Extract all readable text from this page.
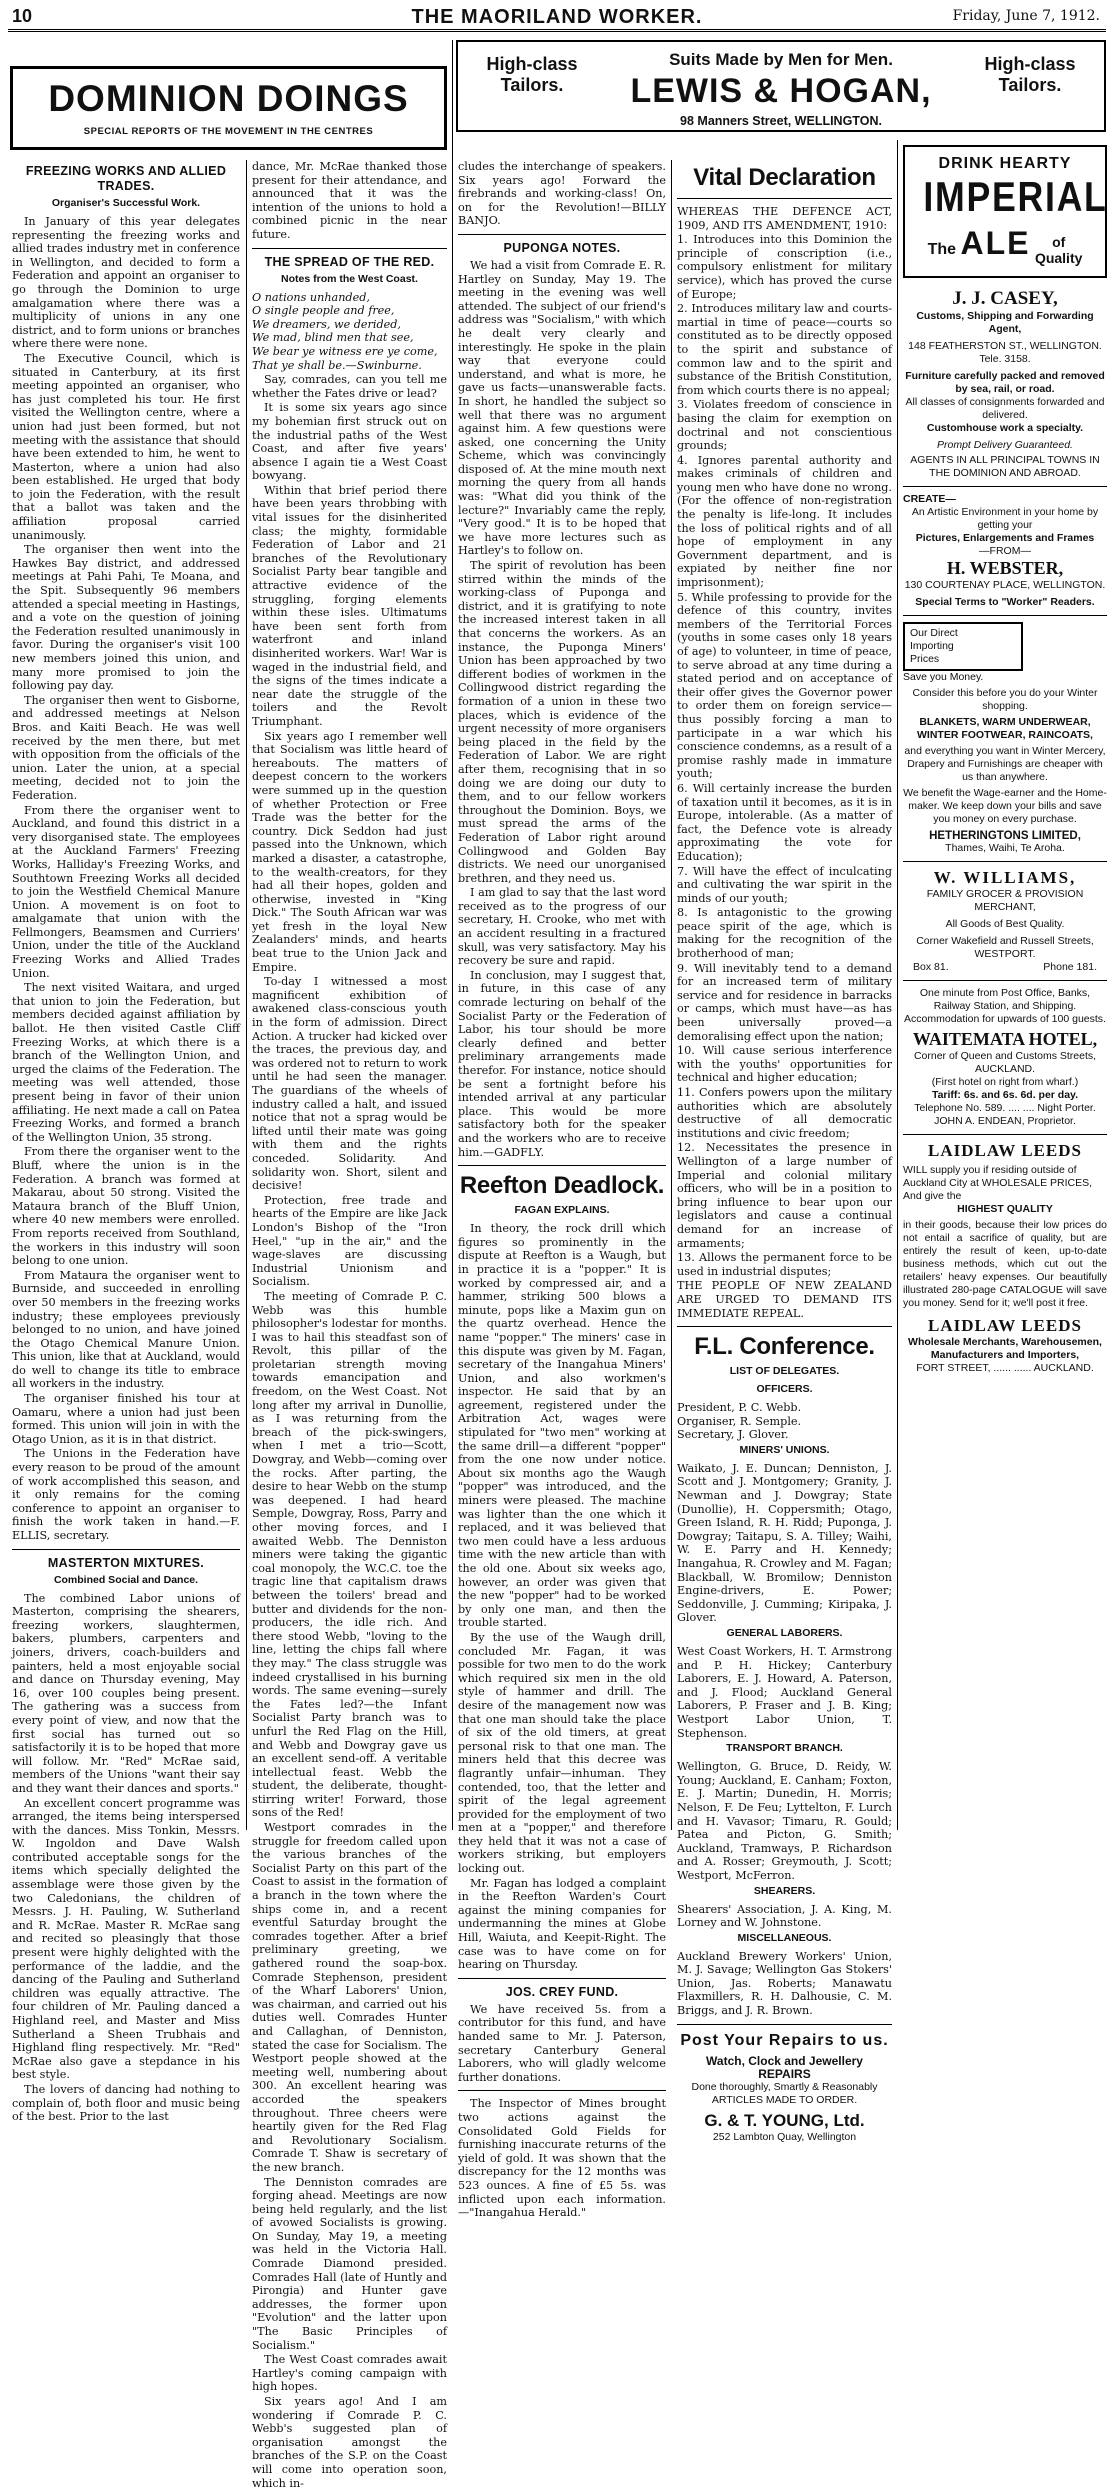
10	THE MAORILAND WORKER.	Friday, June 7, 1912.
DOMINION DOINGS
SPECIAL REPORTS OF THE MOVEMENT IN THE CENTRES
High-class
Tailors.
Suits Made by Men for Men.
LEWIS & HOGAN,
98 Manners Street, WELLINGTON.
High-class
Tailors.
FREEZING WORKS AND ALLIED TRADES.
Organiser's Successful Work.

In January of this year delegates representing the freezing works and allied trades industry met in conference in Wellington, and decided to form a Federation and appoint an organiser to go through the Dominion to urge amalgamation where there was a multiplicity of unions in any one district, and to form unions or branches where there were none.

The Executive Council, which is situated in Canterbury, at its first meeting appointed an organiser, who has just completed his tour. He first visited the Wellington centre, where a union had just been formed, but not meeting with the assistance that should have been extended to him, he went to Masterton, where a union had also been established. He urged that body to join the Federation, with the result that a ballot was taken and the affiliation proposal carried unanimously.

The organiser then went into the Hawkes Bay district, and addressed meetings at Pahi Pahi, Te Moana, and the Spit. Subsequently 96 members attended a special meeting in Hastings, and a vote on the question of joining the Federation resulted unanimously in favor. During the organiser's visit 100 new members joined this union, and many more promised to join the following pay day.

The organiser then went to Gisborne, and addressed meetings at Nelson Bros. and Kaiti Beach. He was well received by the men there, but met with opposition from the officials of the union. Later the union, at a special meeting, decided not to join the Federation.

From there the organiser went to Auckland, and found this district in a very disorganised state. The employees at the Auckland Farmers' Freezing Works, Halliday's Freezing Works, and Southtown Freezing Works all decided to join the Westfield Chemical Manure Union. A movement is on foot to amalgamate that union with the Fellmongers, Beamsmen and Curriers' Union, under the title of the Auckland Freezing Works and Allied Trades Union.

The next visited Waitara, and urged that union to join the Federation, but members decided against affiliation by ballot. He then visited Castle Cliff Freezing Works, at which there is a branch of the Wellington Union, and urged the claims of the Federation. The meeting was well attended, those present being in favor of their union affiliating. He next made a call on Patea Freezing Works, and formed a branch of the Wellington Union, 35 strong.

From there the organiser went to the Bluff, where the union is in the Federation. A branch was formed at Makarau, about 50 strong. Visited the Mataura branch of the Bluff Union, where 40 new members were enrolled. From reports received from Southland, the workers in this industry will soon belong to one union.

From Mataura the organiser went to Burnside, and succeeded in enrolling over 50 members in the freezing works industry; these employees previously belonged to no union, and have joined the Otago Chemical Manure Union. This union, like that at Auckland, would do well to change its title to embrace all workers in the industry.

The organiser finished his tour at Oamaru, where a union had just been formed. This union will join in with the Otago Union, as it is in that district.

The Unions in the Federation have every reason to be proud of the amount of work accomplished this season, and it only remains for the coming conference to appoint an organiser to finish the work taken in hand.—F. ELLIS, secretary.

MASTERTON MIXTURES.
Combined Social and Dance.

The combined Labor unions of Masterton, comprising the shearers, freezing workers, slaughtermen, bakers, plumbers, carpenters and joiners, drivers, coach-builders and painters, held a most enjoyable social and dance on Thursday evening, May 16, over 100 couples being present. The gathering was a success from every point of view, and now that the first social has turned out so satisfactorily it is to be hoped that more will follow. Mr. "Red" McRae said, members of the Unions "want their say and they want their dances and sports."

An excellent concert programme was arranged, the items being interspersed with the dances. Miss Tonkin, Messrs. W. Ingoldon and Dave Walsh contributed acceptable songs for the items which specially delighted the assemblage were those given by the two Caledonians, the children of Messrs. J. H. Pauling, W. Sutherland and R. McRae. Master R. McRae sang and recited so pleasingly that those present were highly delighted with the performance of the laddie, and the dancing of the Pauling and Sutherland children was equally attractive. The four children of Mr. Pauling danced a Highland reel, and Master and Miss Sutherland a Sheen Trubhais and Highland fling respectively. Mr. "Red" McRae also gave a stepdance in his best style.

The lovers of dancing had nothing to complain of, both floor and music being of the best. Prior to the last

dance, Mr. McRae thanked those present for their attendance, and announced that it was the intention of the unions to hold a combined picnic in the near future.

THE SPREAD OF THE RED.
Notes from the West Coast.

O nations unhanded,
O single people and free,
We dreamers, we derided,
We mad, blind men that see,
We bear ye witness ere ye come,
That ye shall be.—Swinburne.

Say, comrades, can you tell me whether the Fates drive or lead?

It is some six years ago since my bohemian first struck out on the industrial paths of the West Coast, and after five years' absence I again tie a West Coast bowyang.

Within that brief period there have been years throbbing with vital issues for the disinherited class; the mighty, formidable Federation of Labor and 21 branches of the Revolutionary Socialist Party bear tangible and attractive evidence of the struggling, forging elements within these isles. Ultimatums have been sent forth from waterfront and inland disinherited workers. War! War is waged in the industrial field, and the signs of the times indicate a near date the struggle of the toilers and the Revolt Triumphant.

Six years ago I remember well that Socialism was little heard of hereabouts. The matters of deepest concern to the workers were summed up in the question of whether Protection or Free Trade was the better for the country. Dick Seddon had just passed into the Unknown, which marked a disaster, a catastrophe, to the wealth-creators, for they had all their hopes, golden and otherwise, invested in "King Dick." The South African war was yet fresh in the loyal New Zealanders' minds, and hearts beat true to the Union Jack and Empire.

To-day I witnessed a most magnificent exhibition of awakened class-conscious youth in the form of admission. Direct Action. A trucker had kicked over the traces, the previous day, and was ordered not to return to work until he had seen the manager. The guardians of the wheels of industry called a halt, and issued notice that not a sprag would be lifted until their mate was going with them and the rights conceded. Solidarity. And solidarity won. Short, silent and decisive!

Protection, free trade and hearts of the Empire are like Jack London's Bishop of the "Iron Heel," "up in the air," and the wage-slaves are discussing Industrial Unionism and Socialism.

The meeting of Comrade P. C. Webb was this humble philosopher's lodestar for months. I was to hail this steadfast son of Revolt, this pillar of the proletarian strength moving towards emancipation and freedom, on the West Coast. Not long after my arrival in Dunollie, as I was returning from the breach of the pick-swingers, when I met a trio—Scott, Dowgray, and Webb—coming over the rocks. After parting, the desire to hear Webb on the stump was deepened. I had heard Semple, Dowgray, Ross, Parry and other moving forces, and I awaited Webb. The Denniston miners were taking the gigantic coal monopoly, the W.C.C. toe the tragic line that capitalism draws between the toilers' bread and butter and dividends for the non-producers, the idle rich. And there stood Webb, "loving to the line, letting the chips fall where they may." The class struggle was indeed crystallised in his burning words. The same evening—surely the Fates led?—the Infant Socialist Party branch was to unfurl the Red Flag on the Hill, and Webb and Dowgray gave us an excellent send-off. A veritable intellectual feast. Webb the student, the deliberate, thought-stirring writer! Forward, those sons of the Red!

Westport comrades in the struggle for freedom called upon the various branches of the Socialist Party on this part of the Coast to assist in the formation of a branch in the town where the ships come in, and a recent eventful Saturday brought the comrades together. After a brief preliminary greeting, we gathered round the soap-box. Comrade Stephenson, president of the Wharf Laborers' Union, was chairman, and carried out his duties well. Comrades Hunter and Callaghan, of Denniston, stated the case for Socialism. The Westport people showed at the meeting well, numbering about 300. An excellent hearing was accorded the speakers throughout. Three cheers were heartily given for the Red Flag and Revolutionary Socialism. Comrade T. Shaw is secretary of the new branch.

The Denniston comrades are forging ahead. Meetings are now being held regularly, and the list of avowed Socialists is growing. On Sunday, May 19, a meeting was held in the Victoria Hall. Comrade Diamond presided. Comrades Hall (late of Huntly and Pirongia) and Hunter gave addresses, the former upon "Evolution" and the latter upon "The Basic Principles of Socialism."

The West Coast comrades await Hartley's coming campaign with high hopes.

Six years ago! And I am wondering if Comrade P. C. Webb's suggested plan of organisation amongst the branches of the S.P. on the Coast will come into operation soon, which in-

cludes the interchange of speakers. Six years ago! Forward the firebrands and working-class! On, on for the Revolution!—BILLY BANJO.

PUPONGA NOTES.

We had a visit from Comrade E. R. Hartley on Sunday, May 19. The meeting in the evening was well attended. The subject of our friend's address was "Socialism," with which he dealt very clearly and interestingly. He spoke in the plain way that everyone could understand, and what is more, he gave us facts—unanswerable facts. In short, he handled the subject so well that there was no argument against him. A few questions were asked, one concerning the Unity Scheme, which was convincingly disposed of. At the mine mouth next morning the query from all hands was: "What did you think of the lecture?" Invariably came the reply, "Very good." It is to be hoped that we have more lectures such as Hartley's to follow on.

The spirit of revolution has been stirred within the minds of the working-class of Puponga and district, and it is gratifying to note the increased interest taken in all that concerns the workers. As an instance, the Puponga Miners' Union has been approached by two different bodies of workmen in the Collingwood district regarding the formation of a union in these two places, which is evidence of the urgent necessity of more organisers being placed in the field by the Federation of Labor. We are right after them, recognising that in so doing we are doing our duty to them, and to our fellow workers throughout the Dominion. Boys, we must spread the arms of the Federation of Labor right around Collingwood and Golden Bay districts. We need our unorganised brethren, and they need us.

I am glad to say that the last word received as to the progress of our secretary, H. Crooke, who met with an accident resulting in a fractured skull, was very satisfactory. May his recovery be sure and rapid.

In conclusion, may I suggest that, in future, in this case of any comrade lecturing on behalf of the Socialist Party or the Federation of Labor, his tour should be more clearly defined and better preliminary arrangements made therefor. For instance, notice should be sent a fortnight before his intended arrival at any particular place. This would be more satisfactory both for the speaker and the workers who are to receive him.—GADFLY.

Reefton Deadlock.
FAGAN EXPLAINS.

In theory, the rock drill which figures so prominently in the dispute at Reefton is a Waugh, but in practice it is a "popper." It is worked by compressed air, and a hammer, striking 500 blows a minute, pops like a Maxim gun on the quartz overhead. Hence the name "popper." The miners' case in this dispute was given by M. Fagan, secretary of the Inangahua Miners' Union, and also workmen's inspector. He said that by an agreement, registered under the Arbitration Act, wages were stipulated for "two men" working at the same drill—a different "popper" from the one now under notice. About six months ago the Waugh "popper" was introduced, and the miners were pleased. The machine was lighter than the one which it replaced, and it was believed that two men could have a less arduous time with the new article than with the old one. About six weeks ago, however, an order was given that the new "popper" had to be worked by only one man, and then the trouble started.

By the use of the Waugh drill, concluded Mr. Fagan, it was possible for two men to do the work which required six men in the old style of hammer and drill. The desire of the management now was that one man should take the place of six of the old timers, at great personal risk to that one man. The miners held that this decree was flagrantly unfair—inhuman. They contended, too, that the letter and spirit of the legal agreement provided for the employment of two men at a "popper," and therefore they held that it was not a case of workers striking, but employers locking out.

Mr. Fagan has lodged a complaint in the Reefton Warden's Court against the mining companies for undermanning the mines at Globe Hill, Waiuta, and Keepit-Right. The case was to have come on for hearing on Thursday.

JOS. CREY FUND.

We have received 5s. from a contributor for this fund, and have handed same to Mr. J. Paterson, secretary Canterbury General Laborers, who will gladly welcome further donations.

The Inspector of Mines brought two actions against the Consolidated Gold Fields for furnishing inaccurate returns of the yield of gold. It was shown that the discrepancy for the 12 months was 523 ounces. A fine of £5 5s. was inflicted upon each information.—"Inangahua Herald."

Vital Declaration

WHEREAS THE DEFENCE ACT, 1909, AND ITS AMENDMENT, 1910:

1. Introduces into this Dominion the principle of conscription (i.e., compulsory enlistment for military service), which has proved the curse of Europe;

2. Introduces military law and courts-martial in time of peace—courts so constituted as to be directly opposed to the spirit and substance of common law and to the spirit and substance of the British Constitution, from which courts there is no appeal;

3. Violates freedom of conscience in basing the claim for exemption on doctrinal and not conscientious grounds;

4. Ignores parental authority and makes criminals of children and young men who have done no wrong. (For the offence of non-registration the penalty is life-long. It includes the loss of political rights and of all hope of employment in any Government department, and is expiated by neither fine nor imprisonment);

5. While professing to provide for the defence of this country, invites members of the Territorial Forces (youths in some cases only 18 years of age) to volunteer, in time of peace, to serve abroad at any time during a stated period and on acceptance of their offer gives the Governor power to order them on foreign service—thus possibly forcing a man to participate in a war which his conscience condemns, as a result of a promise rashly made in immature youth;

6. Will certainly increase the burden of taxation until it becomes, as it is in Europe, intolerable. (As a matter of fact, the Defence vote is already approximating the vote for Education);

7. Will have the effect of inculcating and cultivating the war spirit in the minds of our youth;

8. Is antagonistic to the growing peace spirit of the age, which is making for the recognition of the brotherhood of man;

9. Will inevitably tend to a demand for an increased term of military service and for residence in barracks or camps, which must have—as has been universally proved—a demoralising effect upon the nation;

10. Will cause serious interference with the youths' opportunities for technical and higher education;

11. Confers powers upon the military authorities which are absolutely destructive of all democratic institutions and civic freedom;

12. Necessitates the presence in Wellington of a large number of Imperial and colonial military officers, who will be in a position to bring influence to bear upon our legislators and cause a continual demand for an increase of armaments;

13. Allows the permanent force to be used in industrial disputes;

THE PEOPLE OF NEW ZEALAND ARE URGED TO DEMAND ITS IMMEDIATE REPEAL.

F.L. Conference.
LIST OF DELEGATES.
OFFICERS.

President, P. C. Webb.
Organiser, R. Semple.
Secretary, J. Glover.

MINERS' UNIONS.

Waikato, J. E. Duncan; Denniston, J. Scott and J. Montgomery; Granity, J. Newman and J. Dowgray; State (Dunollie), H. Coppersmith; Otago, Green Island, R. H. Ridd; Puponga, J. Dowgray; Taitapu, S. A. Tilley; Waihi, W. E. Parry and H. Kennedy; Inangahua, R. Crowley and M. Fagan; Blackball, W. Bromilow; Denniston Engine-drivers, E. Power; Seddonville, J. Cumming; Kiripaka, J. Glover.

GENERAL LABORERS.

West Coast Workers, H. T. Armstrong and P. H. Hickey; Canterbury Laborers, E. J. Howard, A. Paterson, and J. Flood; Auckland General Laborers, P. Fraser and J. B. King; Westport Labor Union, T. Stephenson.

TRANSPORT BRANCH.

Wellington, G. Bruce, D. Reidy, W. Young; Auckland, E. Canham; Foxton, E. J. Martin; Dunedin, H. Morris; Nelson, F. De Feu; Lyttelton, F. Lurch and H. Vavasor; Timaru, R. Gould; Patea and Picton, G. Smith; Auckland, Tramways, P. Richardson and A. Rosser; Greymouth, J. Scott; Westport, McFerron.

SHEARERS.

Shearers' Association, J. A. King, M. Lorney and W. Johnstone.

MISCELLANEOUS.

Auckland Brewery Workers' Union, M. J. Savage; Wellington Gas Stokers' Union, Jas. Roberts; Manawatu Flaxmillers, R. H. Dalhousie, C. M. Briggs, and J. R. Brown.

Post Your Repairs to us.
Watch, Clock and Jewellery
REPAIRS
Done thoroughly, Smartly & Reasonably
ARTICLES MADE TO ORDER.
G. & T. YOUNG, Ltd.
252 Lambton Quay, Wellington
DRINK HEARTY
IMPERIAL
The ALE	of
Quality
J. J. CASEY,
Customs, Shipping and Forwarding Agent,
148 FEATHERSTON ST., WELLINGTON. Tele. 3158.
Furniture carefully packed and removed by sea, rail, or road.
All classes of consignments forwarded and delivered.
Customhouse work a specialty.
Prompt Delivery Guaranteed.
AGENTS IN ALL PRINCIPAL TOWNS IN THE DOMINION AND ABROAD.
CREATE—
An Artistic Environment in your home by getting your
Pictures, Enlargements and Frames
—FROM—
H. WEBSTER,
130 COURTENAY PLACE, WELLINGTON.
Special Terms to "Worker" Readers.
Our Direct
Importing
Prices
Save you Money.
Consider this before you do your Winter shopping.
BLANKETS, WARM UNDERWEAR, WINTER FOOTWEAR, RAINCOATS,
and everything you want in Winter Mercery, Drapery and Furnishings are cheaper with us than anywhere.
We benefit the Wage-earner and the Home-maker. We keep down your bills and save you money on every purchase.
HETHERINGTONS LIMITED,
Thames, Waihi, Te Aroha.
W. WILLIAMS,
FAMILY GROCER & PROVISION MERCHANT,
All Goods of Best Quality.
Corner Wakefield and Russell Streets, WESTPORT.
Box 81.	Phone 181.
One minute from Post Office, Banks, Railway Station, and Shipping. Accommodation for upwards of 100 guests.
WAITEMATA HOTEL,
Corner of Queen and Customs Streets, AUCKLAND.
(First hotel on right from wharf.)
Tariff: 6s. and 6s. 6d. per day.
Telephone No. 589. .... .... Night Porter.
JOHN A. ENDEAN, Proprietor.
LAIDLAW LEEDS
WILL supply you if residing outside of Auckland City at WHOLESALE PRICES,
And give the
HIGHEST QUALITY
in their goods, because their low prices do not entail a sacrifice of quality, but are entirely the result of keen, up-to-date business methods, which cut out the retailers' heavy expenses. Our beautifully illustrated 280-page CATALOGUE will save you money. Send for it; we'll post it free.
LAIDLAW LEEDS
Wholesale Merchants, Warehousemen, Manufacturers and Importers,
FORT STREET, ...... ...... AUCKLAND.
